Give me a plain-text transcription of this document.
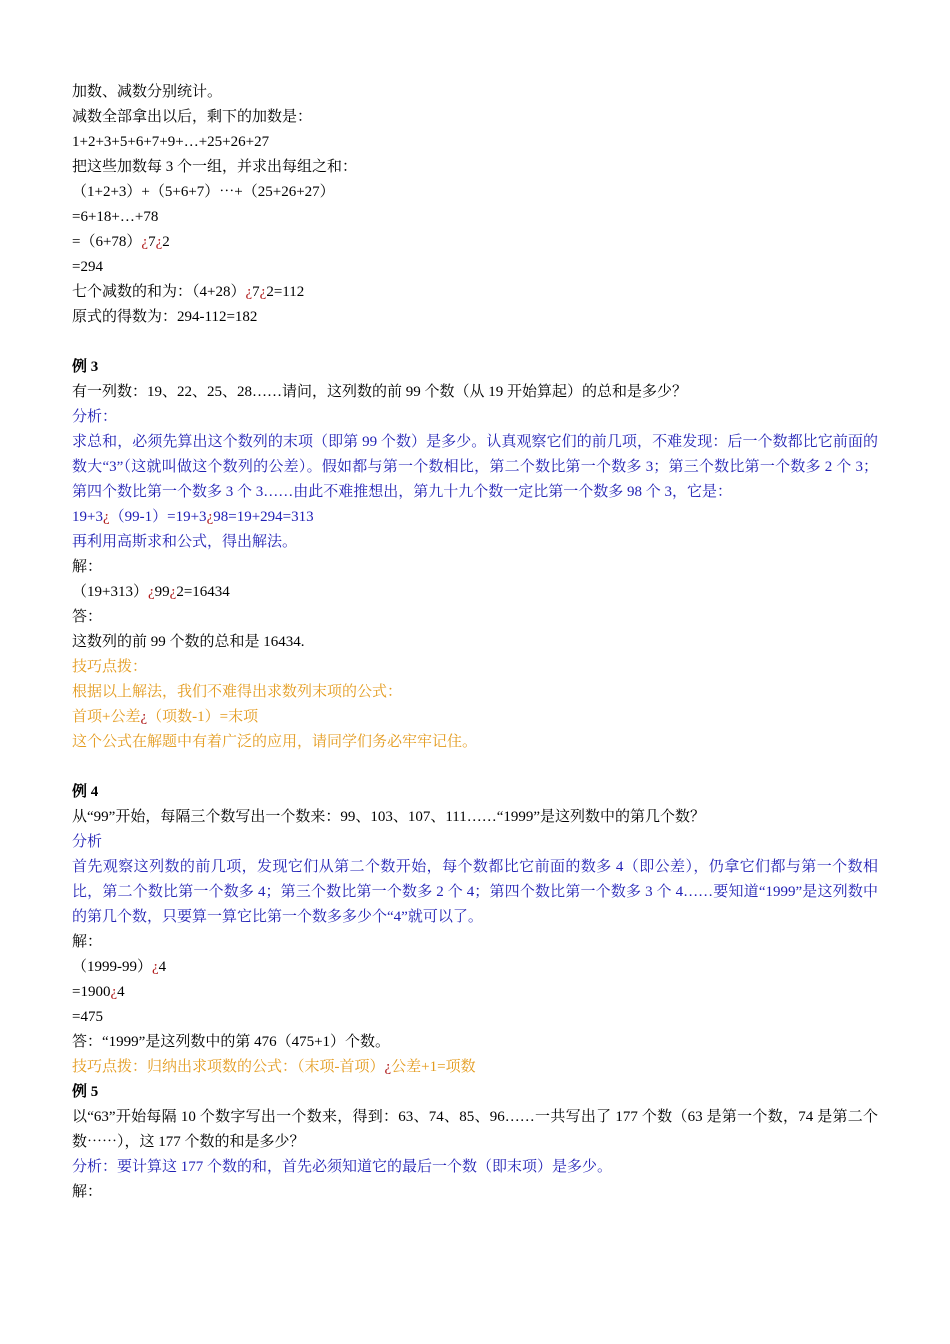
加数、减数分别统计。
减数全部拿出以后，剩下的加数是：
1+2+3+5+6+7+9+…+25+26+27
把这些加数每 3 个一组，并求出每组之和：
（1+2+3）+（5+6+7）⋯+（25+26+27）
=6+18+…+78
=（6+78）¿7¿2
=294
七个减数的和为：（4+28）¿7¿2=112
原式的得数为：294-112=182
例 3
有一列数：19、22、25、28……请问，这列数的前 99 个数（从 19 开始算起）的总和是多少？
分析：
求总和，必须先算出这个数列的末项（即第 99 个数）是多少。认真观察它们的前几项，不难发现：后一个数都比它前面的数大“3”（这就叫做这个数列的公差）。假如都与第一个数相比，第二个数比第一个数多 3；第三个数比第一个数多 2 个 3；第四个数比第一个数多 3 个 3……由此不难推想出，第九十九个数一定比第一个数多 98 个 3，它是：
19+3¿（99-1）=19+3¿98=19+294=313
再利用高斯求和公式，得出解法。
解：
（19+313）¿99¿2=16434
答：
这数列的前 99 个数的总和是 16434.
技巧点拨：
根据以上解法，我们不难得出求数列末项的公式：
首项+公差¿（项数-1）=末项
这个公式在解题中有着广泛的应用，请同学们务必牢牢记住。
例 4
从“99”开始，每隔三个数写出一个数来：99、103、107、111……“1999”是这列数中的第几个数？
分析
首先观察这列数的前几项，发现它们从第二个数开始，每个数都比它前面的数多 4（即公差），仍拿它们都与第一个数相比，第二个数比第一个数多 4；第三个数比第一个数多 2 个 4；第四个数比第一个数多 3 个 4……要知道“1999”是这列数中的第几个数，只要算一算它比第一个数多多少个“4”就可以了。
解：
（1999-99）¿4
=1900¿4
=475
答：“1999”是这列数中的第 476（475+1）个数。
技巧点拨：归纳出求项数的公式：（末项-首项）¿公差+1=项数
例 5
以“63”开始每隔 10 个数字写出一个数来，得到：63、74、85、96……一共写出了 177 个数（63 是第一个数，74 是第二个数⋯⋯），这 177 个数的和是多少？
分析：要计算这 177 个数的和，首先必须知道它的最后一个数（即末项）是多少。
解：
